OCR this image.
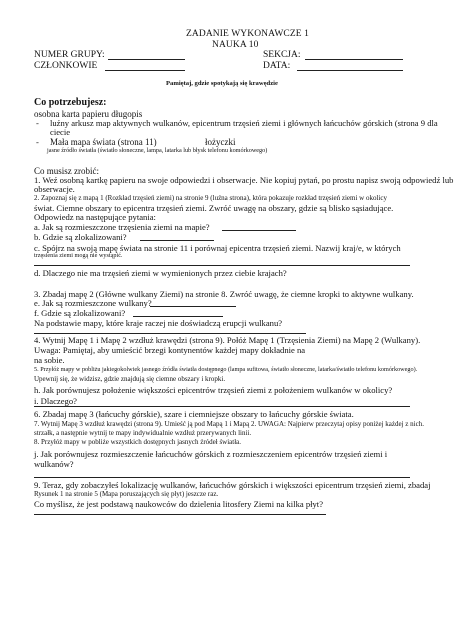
ZADANIE WYKONAWCZE 1
NAUKA 10
NUMER GRUPY:	SEKCJA:
CZŁONKOWIE	DATA:
Pamiętaj, gdzie spotykają się krawędzie
Co potrzebujesz:
osobna karta papieru długopis
- luźny arkusz map aktywnych wulkanów, epicentrum trzęsień ziemi i głównych łańcuchów górskich (strona 9 dla
ciecie
- Mała mapa świata (strona 11)	łożyczki
jasne źródło światła (światło słoneczne, lampa, latarka lub błysk telefonu komórkowego)
Co musisz zrobić:
1. Weź osobną kartkę papieru na swoje odpowiedzi i obserwacje. Nie kopiuj pytań, po prostu napisz swoją odpowiedź lub
obserwacje.
2. Zapoznaj się z mapą 1 (Rozkład trzęsień ziemi) na stronie 9 (luźna strona), która pokazuje rozkład trzęsień ziemi w okolicy
świat. Ciemne obszary to epicentra trzęsień ziemi. Zwróć uwagę na obszary, gdzie są blisko sąsiadujące.
Odpowiedz na następujące pytania:
a. Jak są rozmieszczone trzęsienia ziemi na mapie?
b. Gdzie są zlokalizowani?
c. Spójrz na swoją mapę świata na stronie 11 i porównaj epicentra trzęsień ziemi. Nazwij kraj/e, w których
trzęsienia ziemi mogą nie wystąpić.
d. Dlaczego nie ma trzęsień ziemi w wymienionych przez ciebie krajach?
3. Zbadaj mapę 2 (Główne wulkany Ziemi) na stronie 8. Zwróć uwagę, że ciemne kropki to aktywne wulkany.
e. Jak są rozmieszczone wulkany?
f. Gdzie są zlokalizowani?
Na podstawie mapy, które kraje raczej nie doświadczą erupcji wulkanu?
4. Wytnij Mapę 1 i Mapę 2 wzdłuż krawędzi (strona 9). Połóż Mapę 1 (Trzęsienia Ziemi) na Mapę 2 (Wulkany).
Uwaga: Pamiętaj, aby umieścić brzegi kontynentów każdej mapy dokładnie na
na sobie.
5. Przyłóż mapy w pobliżu jakiegokolwiek jasnego źródła światła dostępnego (lampa sufitowa, światło słoneczne, latarka/światło telefonu komórkowego).
Upewnij się, że widzisz, gdzie znajdują się ciemne obszary i kropki.
h. Jak porównujesz położenie większości epicentrów trzęsień ziemi z położeniem wulkanów w okolicy?
i. Dlaczego?
6. Zbadaj mapę 3 (łańcuchy górskie), szare i ciemniejsze obszary to łańcuchy górskie świata.
7. Wytnij Mapę 3 wzdłuż krawędzi (strona 9). Umieść ją pod Mapą 1 i Mapą 2. UWAGA: Najpierw przeczytaj opisy poniżej każdej z nich.
strzałk, a następnie wytnij te mapy indywidualnie wzdłuż przerywanych linii.
8. Przyłóż mapy w pobliże wszystkich dostępnych jasnych źródeł światła.
j. Jak porównujesz rozmieszczenie łańcuchów górskich z rozmieszczeniem epicentrów trzęsień ziemi i
wulkanów?
9. Teraz, gdy zobaczyłeś lokalizację wulkanów, łańcuchów górskich i większości epicentrum trzęsień ziemi, zbadaj
Rysunek 1 na stronie 5 (Mapa poruszających się płyt) jeszcze raz.
Co myślisz, że jest podstawą naukowców do dzielenia litosfery Ziemi na kilka płyt?
